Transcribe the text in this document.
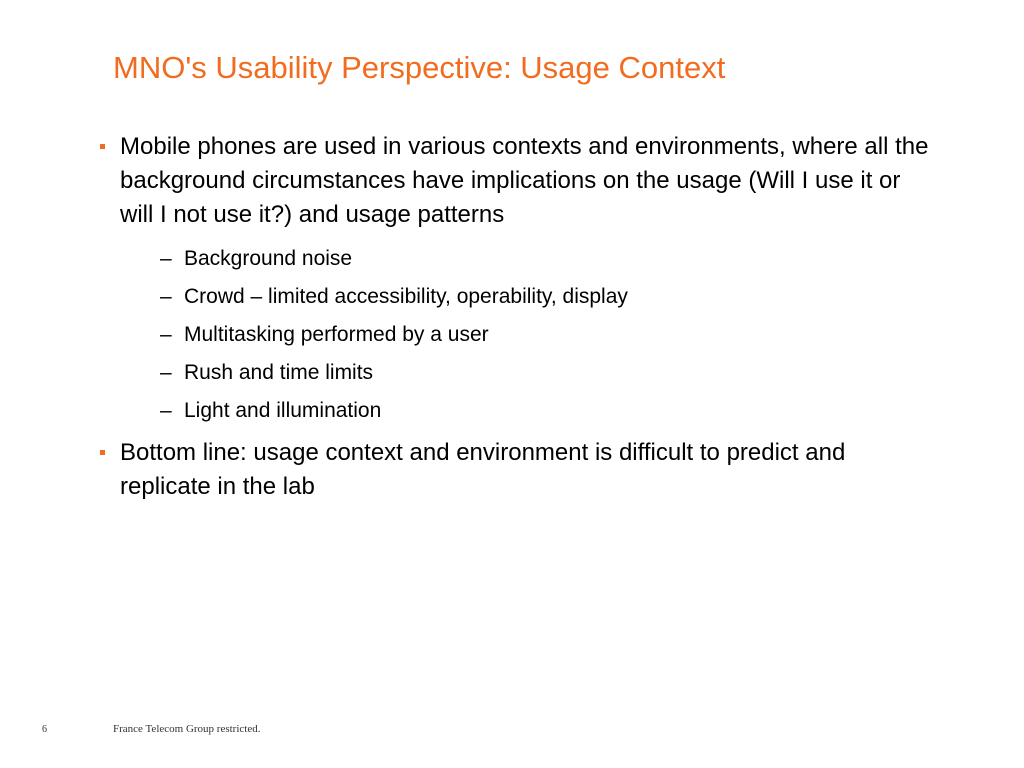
MNO's Usability Perspective: Usage Context
Mobile phones are used in various contexts and environments, where all the background circumstances have implications on the usage (Will I use it or will I not use it?) and usage patterns
– Background noise
– Crowd – limited accessibility, operability, display
– Multitasking performed by a user
– Rush and time limits
– Light and illumination
Bottom line: usage context and environment is difficult to predict and replicate in the lab
6	France Telecom Group restricted.
